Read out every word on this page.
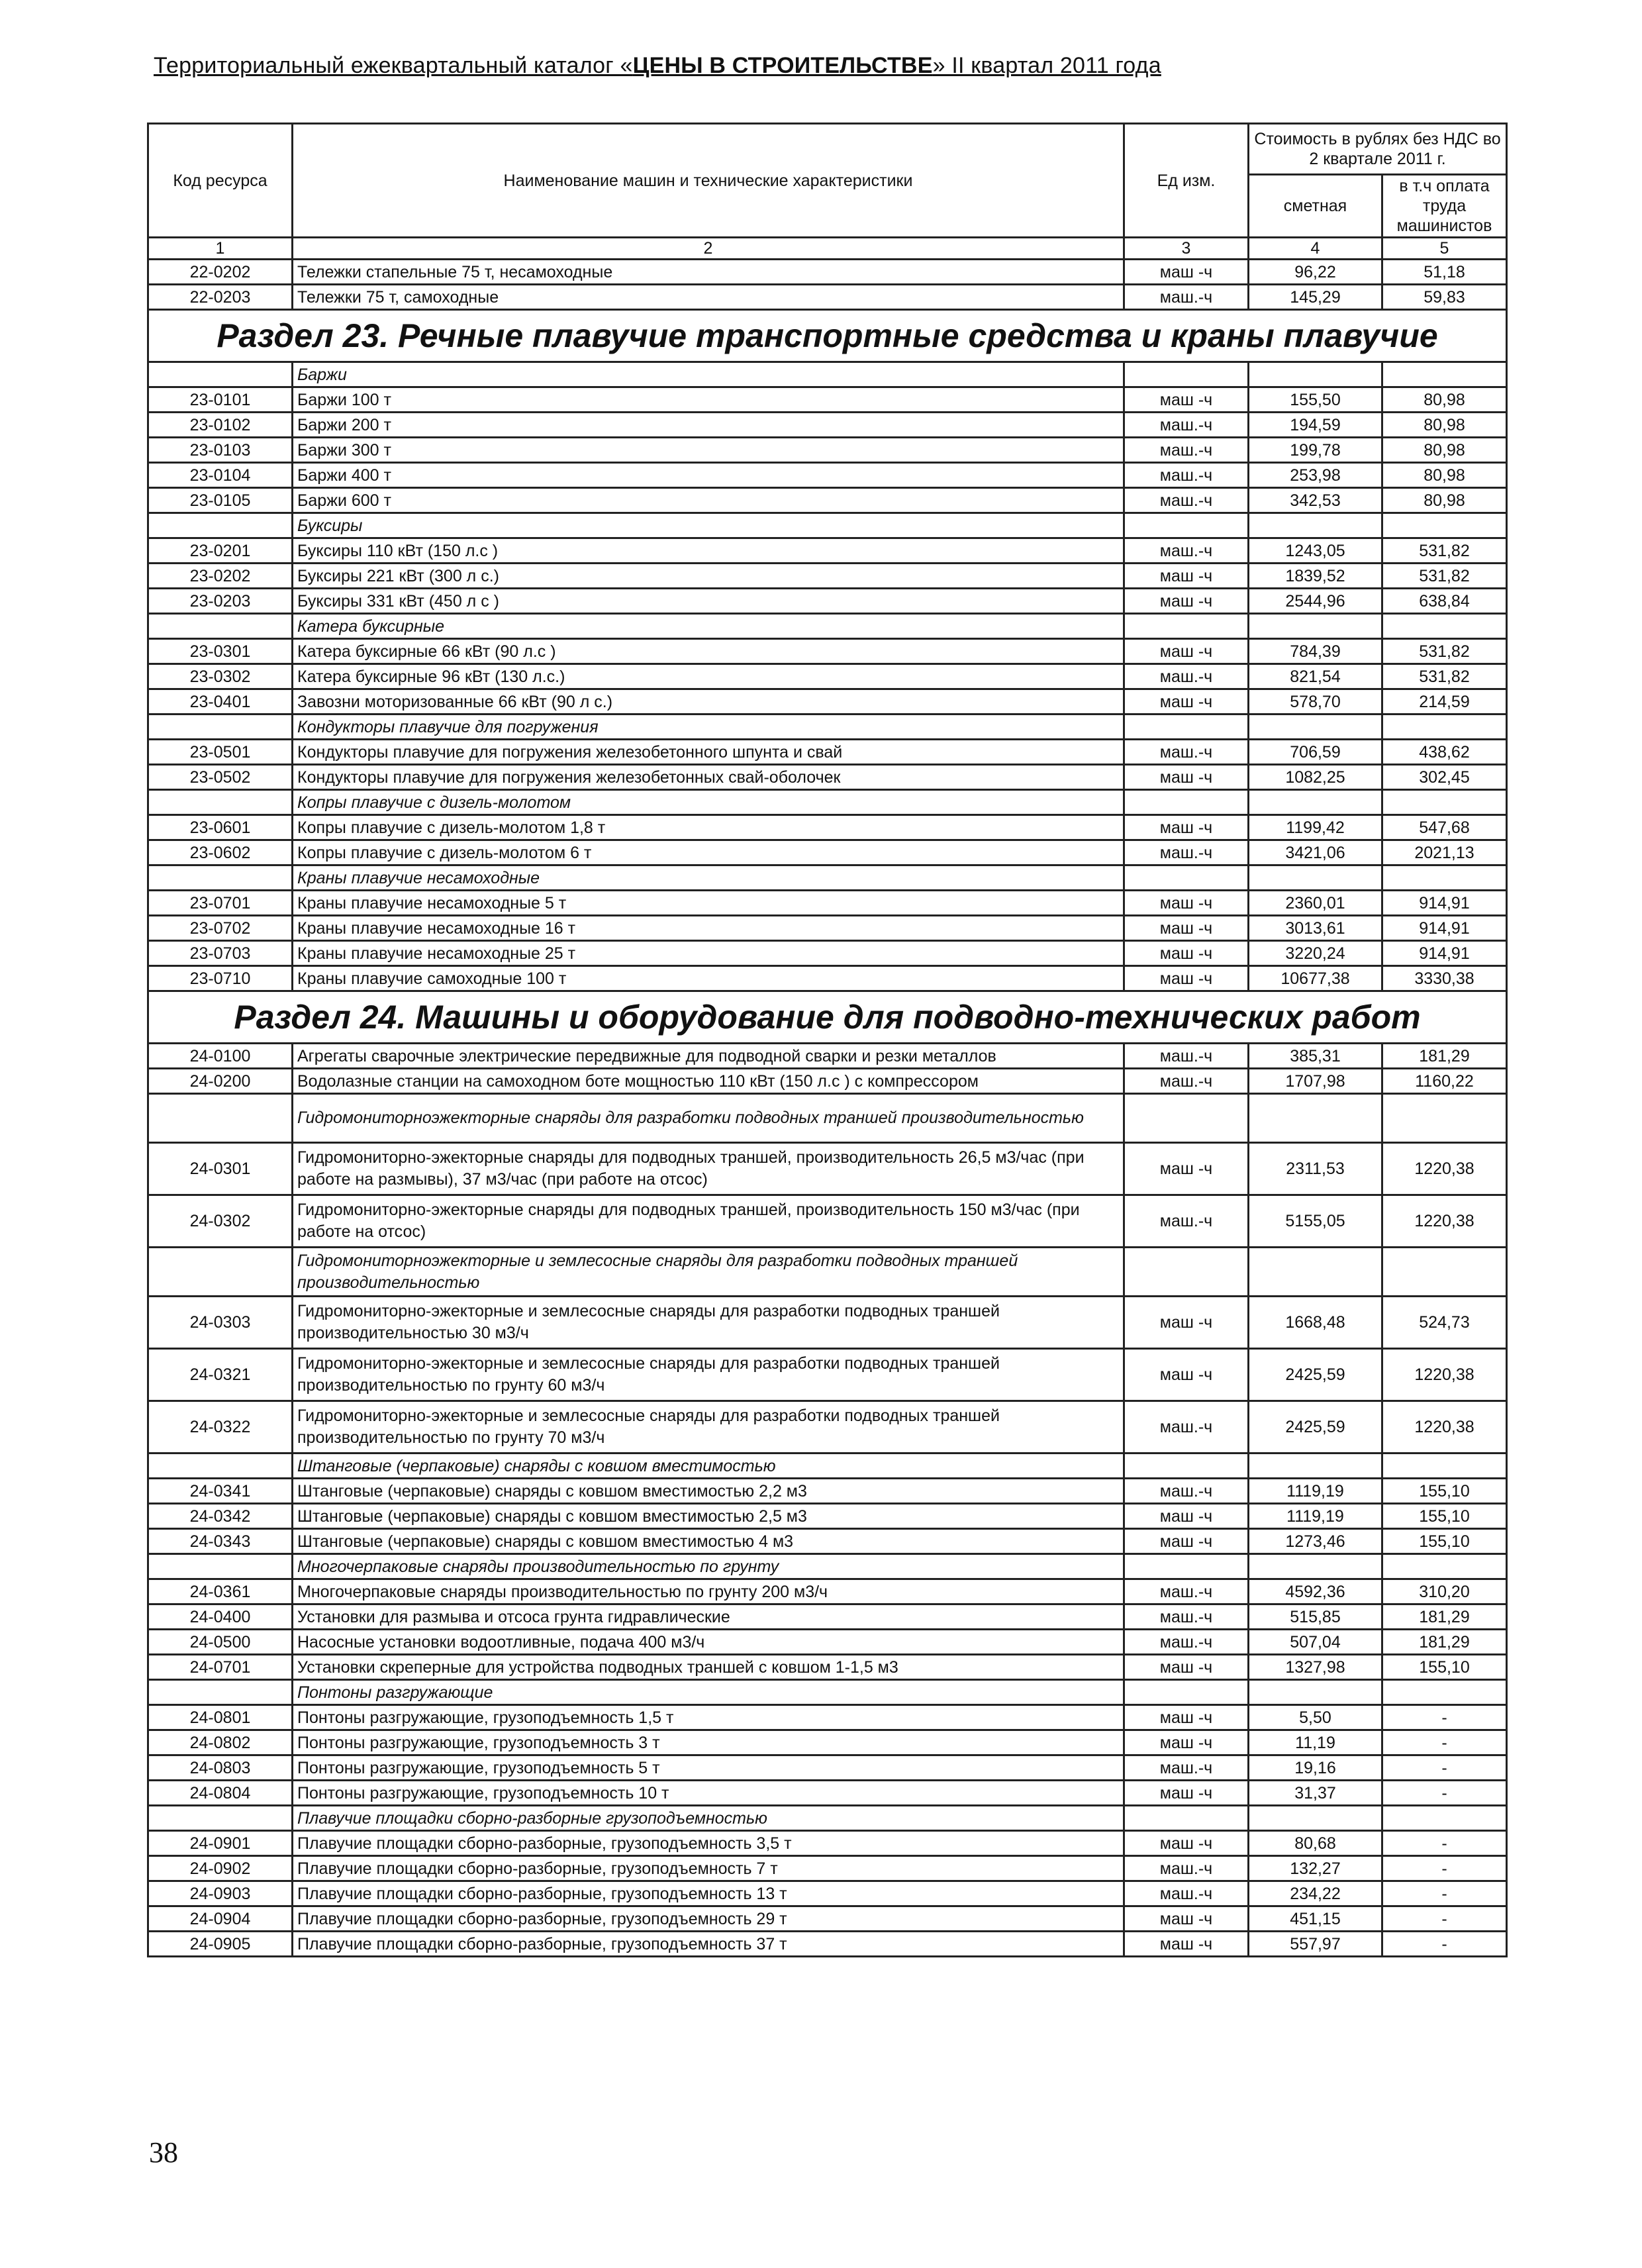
Территориальный ежеквартальный каталог «ЦЕНЫ В СТРОИТЕЛЬСТВЕ» II квартал 2011 года
Код ресурса	Наименование машин и технические характеристики	Ед изм.	Стоимость в рублях без НДС во 2 квартале 2011 г.	
			сметная	в т.ч оплата труда машинистов
1	2	3	4	5
22-0202	Тележки стапельные 75 т, несамоходные	маш -ч	96,22	51,18
22-0203	Тележки 75 т, самоходные	маш.-ч	145,29	59,83
Раздел 23. Речные плавучие транспортные средства и краны плавучие				
	Баржи			
23-0101	Баржи 100 т	маш -ч	155,50	80,98
23-0102	Баржи 200 т	маш.-ч	194,59	80,98
23-0103	Баржи 300 т	маш.-ч	199,78	80,98
23-0104	Баржи 400 т	маш.-ч	253,98	80,98
23-0105	Баржи 600 т	маш.-ч	342,53	80,98
	Буксиры			
23-0201	Буксиры 110 кВт (150 л.с )	маш.-ч	1243,05	531,82
23-0202	Буксиры 221 кВт (300 л с.)	маш -ч	1839,52	531,82
23-0203	Буксиры 331 кВт (450 л с )	маш -ч	2544,96	638,84
	Катера буксирные			
23-0301	Катера буксирные 66 кВт (90 л.с )	маш -ч	784,39	531,82
23-0302	Катера буксирные 96 кВт (130 л.с.)	маш.-ч	821,54	531,82
23-0401	Завозни моторизованные 66 кВт (90 л с.)	маш -ч	578,70	214,59
	Кондукторы плавучие для погружения			
23-0501	Кондукторы плавучие для погружения железобетонного шпунта и свай	маш.-ч	706,59	438,62
23-0502	Кондукторы плавучие для погружения железобетонных свай-оболочек	маш -ч	1082,25	302,45
	Копры плавучие с дизель-молотом			
23-0601	Копры плавучие с дизель-молотом 1,8 т	маш -ч	1199,42	547,68
23-0602	Копры плавучие с дизель-молотом 6 т	маш.-ч	3421,06	2021,13
	Краны плавучие несамоходные			
23-0701	Краны плавучие несамоходные 5 т	маш -ч	2360,01	914,91
23-0702	Краны плавучие несамоходные 16 т	маш -ч	3013,61	914,91
23-0703	Краны плавучие несамоходные 25 т	маш -ч	3220,24	914,91
23-0710	Краны плавучие самоходные 100 т	маш -ч	10677,38	3330,38
Раздел 24. Машины и оборудование для подводно-технических работ				
24-0100	Агрегаты сварочные электрические передвижные для подводной сварки и резки металлов	маш.-ч	385,31	181,29
24-0200	Водолазные станции на самоходном боте мощностью 110 кВт (150 л.с ) с компрессором	маш.-ч	1707,98	1160,22
	Гидромониторноэжекторные снаряды для разработки подводных траншей производительностью			
24-0301	Гидромониторно-эжекторные снаряды для подводных траншей, производительность 26,5 м3/час (при работе на размывы), 37 м3/час (при работе на отсос)	маш -ч	2311,53	1220,38
24-0302	Гидромониторно-эжекторные снаряды для подводных траншей, производительность 150 м3/час (при работе на отсос)	маш.-ч	5155,05	1220,38
	Гидромониторноэжекторные и землесосные снаряды для разработки подводных траншей производительностью			
24-0303	Гидромониторно-эжекторные и землесосные снаряды для разработки подводных траншей производительностью 30 м3/ч	маш -ч	1668,48	524,73
24-0321	Гидромониторно-эжекторные и землесосные снаряды для разработки подводных траншей производительностью по грунту 60 м3/ч	маш -ч	2425,59	1220,38
24-0322	Гидромониторно-эжекторные и землесосные снаряды для разработки подводных траншей производительностью по грунту 70 м3/ч	маш.-ч	2425,59	1220,38
	Штанговые (черпаковые) снаряды с ковшом вместимостью			
24-0341	Штанговые (черпаковые) снаряды с ковшом вместимостью 2,2 м3	маш.-ч	1119,19	155,10
24-0342	Штанговые (черпаковые) снаряды с ковшом вместимостью 2,5 м3	маш -ч	1119,19	155,10
24-0343	Штанговые (черпаковые) снаряды с ковшом вместимостью 4 м3	маш -ч	1273,46	155,10
	Многочерпаковые снаряды производительностью по грунту			
24-0361	Многочерпаковые снаряды производительностью по грунту 200 м3/ч	маш.-ч	4592,36	310,20
24-0400	Установки для размыва и отсоса грунта гидравлические	маш.-ч	515,85	181,29
24-0500	Насосные установки водоотливные, подача 400 м3/ч	маш.-ч	507,04	181,29
24-0701	Установки скреперные для устройства подводных траншей с ковшом 1-1,5 м3	маш -ч	1327,98	155,10
	Понтоны разгружающие			
24-0801	Понтоны разгружающие, грузоподъемность 1,5 т	маш -ч	5,50	-
24-0802	Понтоны разгружающие, грузоподъемность 3 т	маш -ч	11,19	-
24-0803	Понтоны разгружающие, грузоподъемность 5 т	маш.-ч	19,16	-
24-0804	Понтоны разгружающие, грузоподъемность 10 т	маш -ч	31,37	-
	Плавучие площадки сборно-разборные грузоподъемностью			
24-0901	Плавучие площадки сборно-разборные, грузоподъемность 3,5 т	маш -ч	80,68	-
24-0902	Плавучие площадки сборно-разборные, грузоподъемность 7 т	маш.-ч	132,27	-
24-0903	Плавучие площадки сборно-разборные, грузоподъемность 13 т	маш.-ч	234,22	-
24-0904	Плавучие площадки сборно-разборные, грузоподъемность 29 т	маш -ч	451,15	-
24-0905	Плавучие площадки сборно-разборные, грузоподъемность 37 т	маш -ч	557,97	-
38
